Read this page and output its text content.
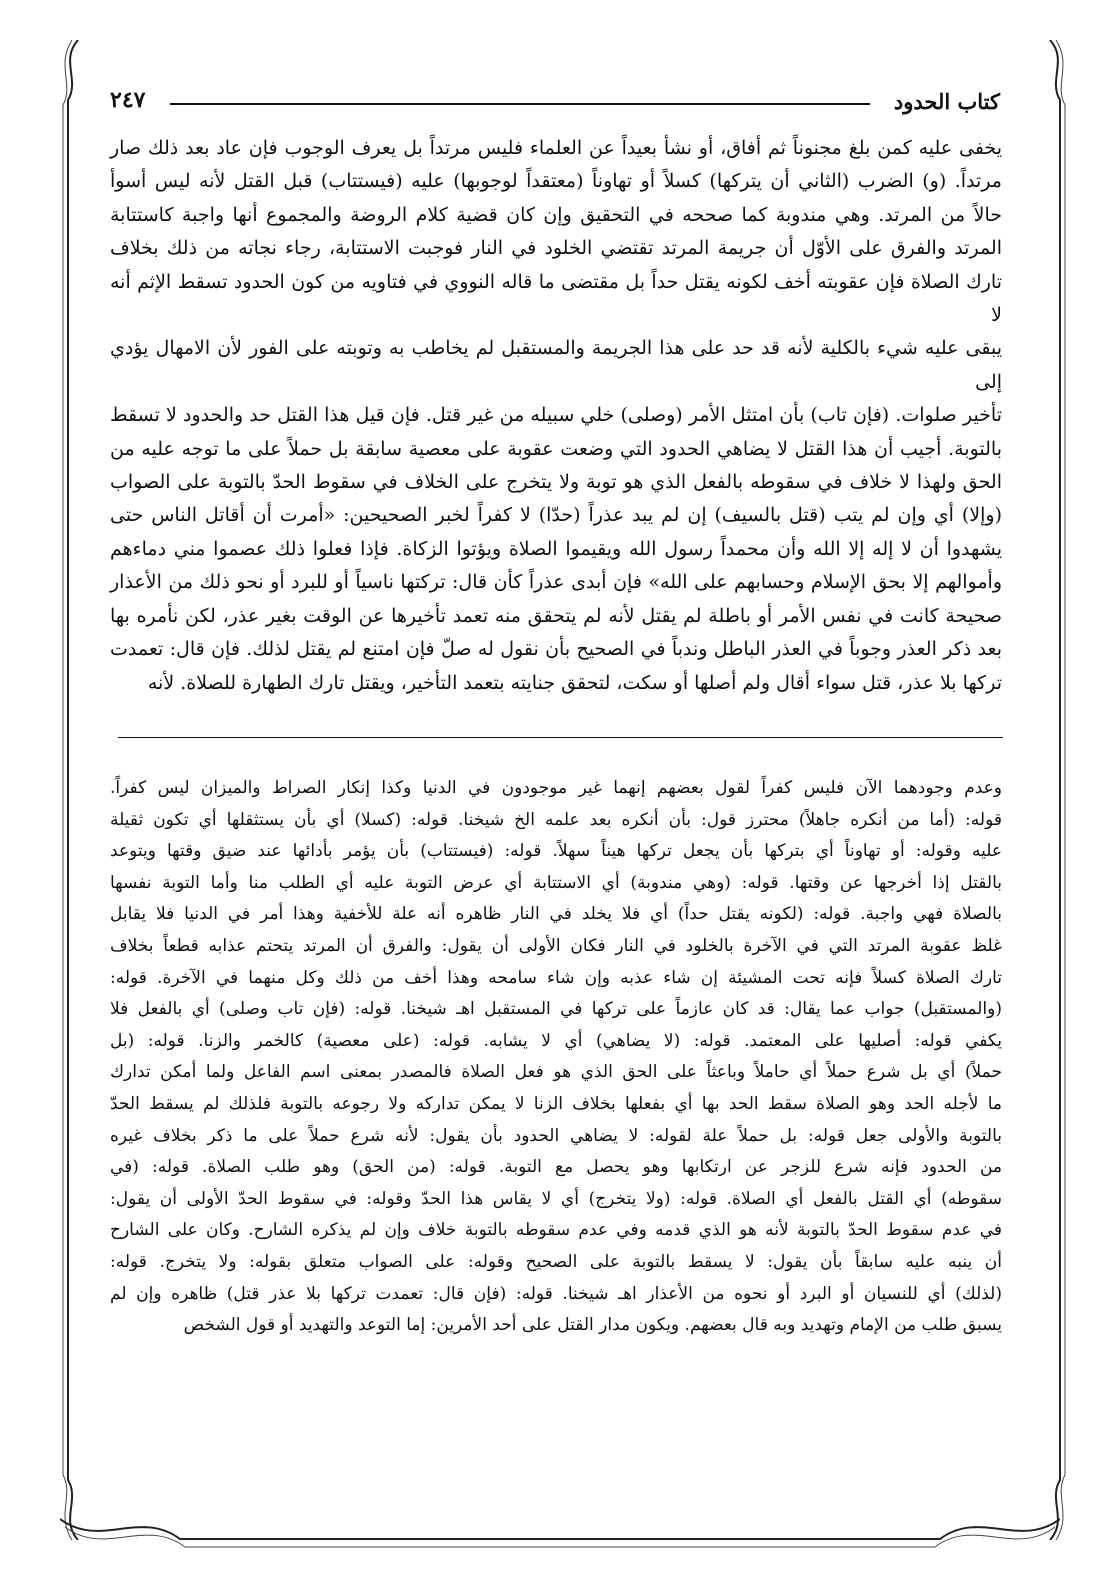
كتاب الحدود
٢٤٧

يخفى عليه كمن بلغ مجنوناً ثم أفاق، أو نشأ بعيداً عن العلماء فليس مرتداً بل يعرف الوجوب فإن عاد بعد ذلك صار

مرتداً. (و) الضرب (الثاني أن يتركها) كسلاً أو تهاوناً (معتقداً لوجوبها) عليه (فيستتاب) قبل القتل لأنه ليس أسوأ

حالاً من المرتد. وهي مندوبة كما صححه في التحقيق وإن كان قضية كلام الروضة والمجموع أنها واجبة كاستتابة

المرتد والفرق على الأوّل أن جريمة المرتد تقتضي الخلود في النار فوجبت الاستتابة، رجاء نجاته من ذلك بخلاف

تارك الصلاة فإن عقوبته أخف لكونه يقتل حداً بل مقتضى ما قاله النووي في فتاويه من كون الحدود تسقط الإثم أنه لا

يبقى عليه شيء بالكلية لأنه قد حد على هذا الجريمة والمستقبل لم يخاطب به وتوبته على الفور لأن الامهال يؤدي إلى

تأخير صلوات. (فإن تاب) بأن امتثل الأمر (وصلى) خلي سبيله من غير قتل. فإن قيل هذا القتل حد والحدود لا تسقط

بالتوبة. أجيب أن هذا القتل لا يضاهي الحدود التي وضعت عقوبة على معصية سابقة بل حملاً على ما توجه عليه من

الحق ولهذا لا خلاف في سقوطه بالفعل الذي هو توبة ولا يتخرج على الخلاف في سقوط الحدّ بالتوبة على الصواب

(وإلا) أي وإن لم يتب (قتل بالسيف) إن لم يبد عذراً (حدّا) لا كفراً لخبر الصحيحين: «أمرت أن أقاتل الناس حتى

يشهدوا أن لا إله إلا الله وأن محمداً رسول الله ويقيموا الصلاة ويؤتوا الزكاة. فإذا فعلوا ذلك عصموا مني دماءهم

وأموالهم إلا بحق الإسلام وحسابهم على الله» فإن أبدى عذراً كأن قال: تركتها ناسياً أو للبرد أو نحو ذلك من الأعذار

صحيحة كانت في نفس الأمر أو باطلة لم يقتل لأنه لم يتحقق منه تعمد تأخيرها عن الوقت بغير عذر، لكن نأمره بها

بعد ذكر العذر وجوباً في العذر الباطل وندباً في الصحيح بأن نقول له صلّ فإن امتنع لم يقتل لذلك. فإن قال: تعمدت

تركها بلا عذر، قتل سواء أقال ولم أصلها أو سكت، لتحقق جنايته بتعمد التأخير، ويقتل تارك الطهارة للصلاة. لأنه

وعدم وجودهما الآن فليس كفراً لقول بعضهم إنهما غير موجودون في الدنيا وكذا إنكار الصراط والميزان ليس كفراً.

قوله: (أما من أنكره جاهلاً) محترز قول: بأن أنكره بعد علمه الخ شيخنا. قوله: (كسلا) أي بأن يستثقلها أي تكون ثقيلة

عليه وقوله: أو تهاوناً أي بتركها بأن يجعل تركها هيناً سهلاً. قوله: (فيستتاب) بأن يؤمر بأدائها عند ضيق وقتها ويتوعد

بالقتل إذا أخرجها عن وقتها. قوله: (وهي مندوبة) أي الاستتابة أي عرض التوبة عليه أي الطلب منا وأما التوبة نفسها

بالصلاة فهي واجبة. قوله: (لكونه يقتل حداً) أي فلا يخلد في النار ظاهره أنه علة للأخفية وهذا أمر في الدنيا فلا يقابل

غلظ عقوبة المرتد التي في الآخرة بالخلود في النار فكان الأولى أن يقول: والفرق أن المرتد يتحتم عذابه قطعاً بخلاف

تارك الصلاة كسلاً فإنه تحت المشيئة إن شاء عذبه وإن شاء سامحه وهذا أخف من ذلك وكل منهما في الآخرة. قوله:

(والمستقبل) جواب عما يقال: قد كان عازماً على تركها في المستقبل اهـ شيخنا. قوله: (فإن تاب وصلى) أي بالفعل فلا

يكفي قوله: أصليها على المعتمد. قوله: (لا يضاهي) أي لا يشابه. قوله: (على معصية) كالخمر والزنا. قوله: (بل

حملاً) أي بل شرع حملاً أي حاملاً وباعثاً على الحق الذي هو فعل الصلاة فالمصدر بمعنى اسم الفاعل ولما أمكن تدارك

ما لأجله الحد وهو الصلاة سقط الحد بها أي بفعلها بخلاف الزنا لا يمكن تداركه ولا رجوعه بالتوبة فلذلك لم يسقط الحدّ

بالتوبة والأولى جعل قوله: بل حملاً علة لقوله: لا يضاهي الحدود بأن يقول: لأنه شرع حملاً على ما ذكر بخلاف غيره

من الحدود فإنه شرع للزجر عن ارتكابها وهو يحصل مع التوبة. قوله: (من الحق) وهو طلب الصلاة. قوله: (في

سقوطه) أي القتل بالفعل أي الصلاة. قوله: (ولا يتخرج) أي لا يقاس هذا الحدّ وقوله: في سقوط الحدّ الأولى أن يقول:

في عدم سقوط الحدّ بالتوبة لأنه هو الذي قدمه وفي عدم سقوطه بالتوبة خلاف وإن لم يذكره الشارح. وكان على الشارح

أن ينبه عليه سابقاً بأن يقول: لا يسقط بالتوبة على الصحيح وقوله: على الصواب متعلق بقوله: ولا يتخرج. قوله:

(لذلك) أي للنسيان أو البرد أو نحوه من الأعذار اهـ شيخنا. قوله: (فإن قال: تعمدت تركها بلا عذر قتل) ظاهره وإن لم

يسبق طلب من الإمام وتهديد وبه قال بعضهم. ويكون مدار القتل على أحد الأمرين: إما التوعد والتهديد أو قول الشخص
